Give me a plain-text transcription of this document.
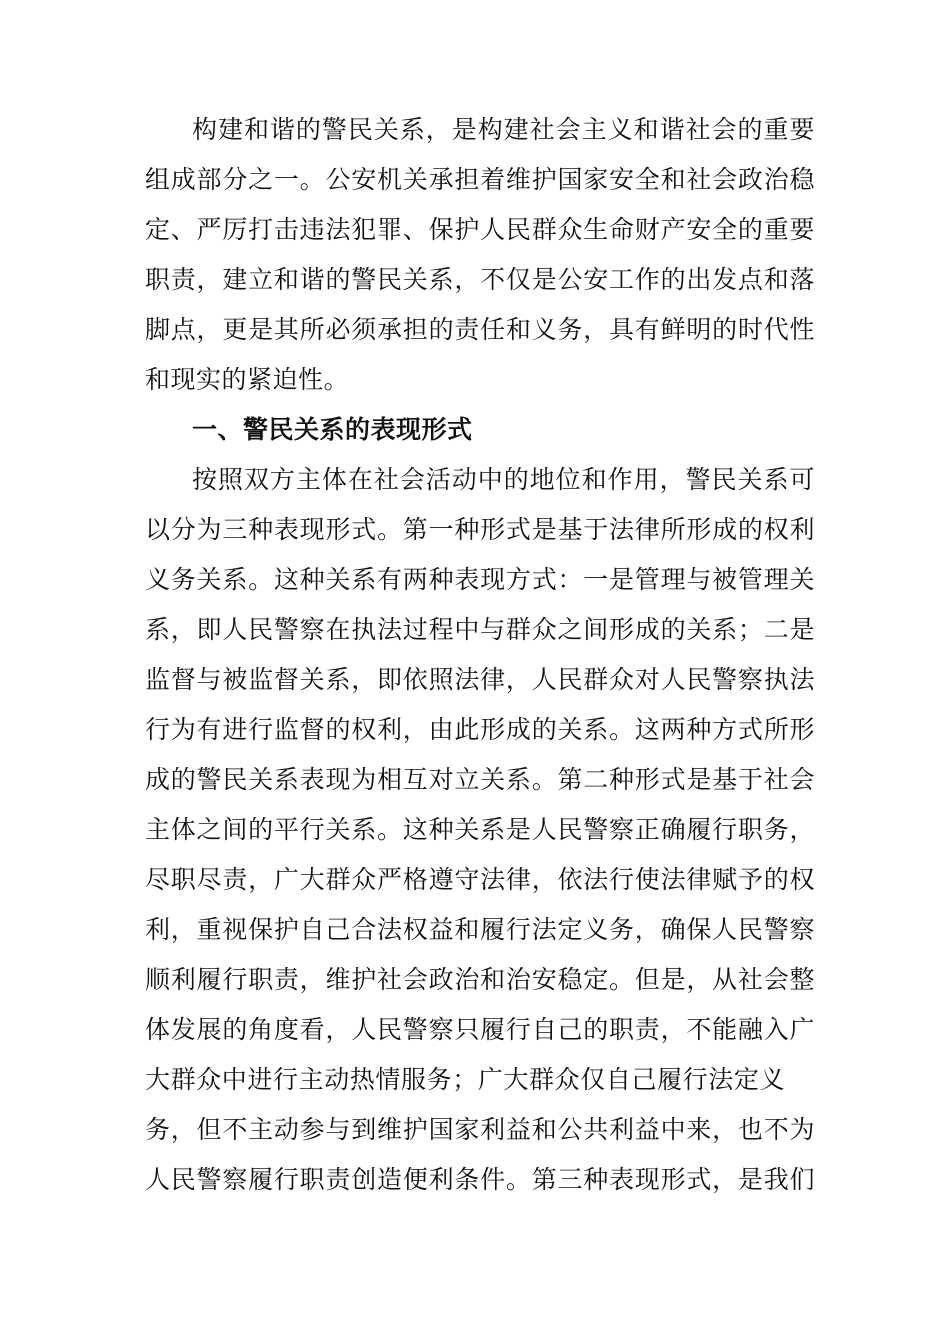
构建和谐的警民关系，是构建社会主义和谐社会的重要
组成部分之一。公安机关承担着维护国家安全和社会政治稳
定、严厉打击违法犯罪、保护人民群众生命财产安全的重要
职责，建立和谐的警民关系，不仅是公安工作的出发点和落
脚点，更是其所必须承担的责任和义务，具有鲜明的时代性
和现实的紧迫性。
一、警民关系的表现形式
按照双方主体在社会活动中的地位和作用，警民关系可
以分为三种表现形式。第一种形式是基于法律所形成的权利
义务关系。这种关系有两种表现方式：一是管理与被管理关
系，即人民警察在执法过程中与群众之间形成的关系；二是
监督与被监督关系，即依照法律，人民群众对人民警察执法
行为有进行监督的权利，由此形成的关系。这两种方式所形
成的警民关系表现为相互对立关系。第二种形式是基于社会
主体之间的平行关系。这种关系是人民警察正确履行职务，
尽职尽责，广大群众严格遵守法律，依法行使法律赋予的权
利，重视保护自己合法权益和履行法定义务，确保人民警察
顺利履行职责，维护社会政治和治安稳定。但是，从社会整
体发展的角度看，人民警察只履行自己的职责，不能融入广
大群众中进行主动热情服务；广大群众仅自己履行法定义
务，但不主动参与到维护国家利益和公共利益中来，也不为
人民警察履行职责创造便利条件。第三种表现形式，是我们
